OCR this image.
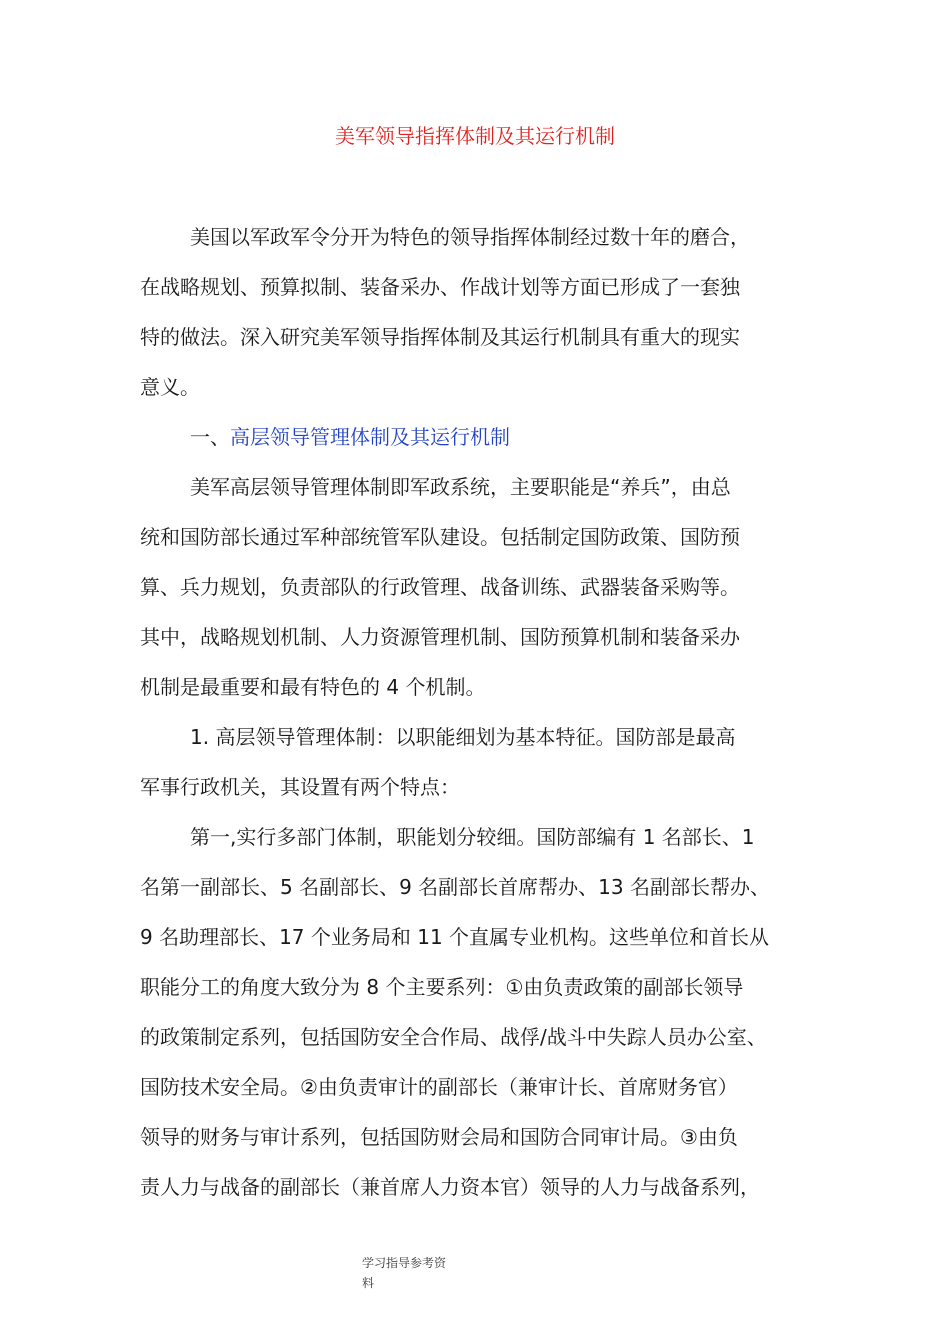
美军领导指挥体制及其运行机制
美国以军政军令分开为特色的领导指挥体制经过数十年的磨合，
在战略规划、预算拟制、装备采办、作战计划等方面已形成了一套独
特的做法。深入研究美军领导指挥体制及其运行机制具有重大的现实
意义。
一、高层领导管理体制及其运行机制
美军高层领导管理体制即军政系统，主要职能是“养兵”，由总
统和国防部长通过军种部统管军队建设。包括制定国防政策、国防预
算、兵力规划，负责部队的行政管理、战备训练、武器装备采购等。
其中，战略规划机制、人力资源管理机制、国防预算机制和装备采办
机制是最重要和最有特色的 4 个机制。
1. 高层领导管理体制：以职能细划为基本特征。国防部是最高
军事行政机关，其设置有两个特点：
第一,实行多部门体制，职能划分较细。国防部编有 1 名部长、1
名第一副部长、5 名副部长、9 名副部长首席帮办、13 名副部长帮办、
9 名助理部长、17 个业务局和 11 个直属专业机构。这些单位和首长从
职能分工的角度大致分为 8 个主要系列：①由负责政策的副部长领导
的政策制定系列，包括国防安全合作局、战俘/战斗中失踪人员办公室、
国防技术安全局。②由负责审计的副部长（兼审计长、首席财务官）
领导的财务与审计系列，包括国防财会局和国防合同审计局。③由负
责人力与战备的副部长（兼首席人力资本官）领导的人力与战备系列，
学习指导参考资
料
